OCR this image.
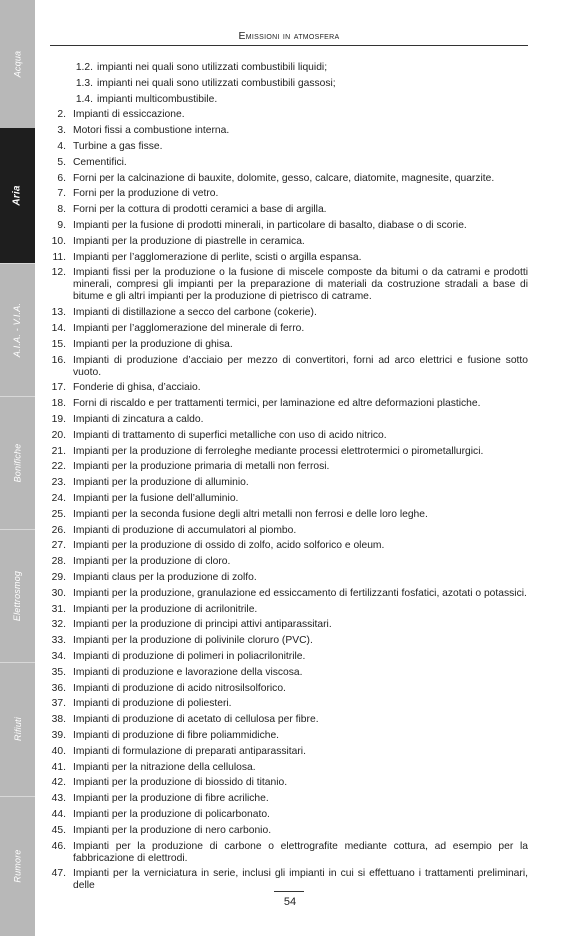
Acqua
Aria
A.I.A. - V.I.A.
Bonifiche
Elettrosmog
Rifiuti
Rumore
Emissioni in atmosfera
1.2. impianti nei quali sono utilizzati combustibili liquidi;
1.3. impianti nei quali sono utilizzati combustibili gassosi;
1.4. impianti multicombustibile.
2. Impianti di essiccazione.
3. Motori fissi a combustione interna.
4. Turbine a gas fisse.
5. Cementifici.
6. Forni per la calcinazione di bauxite, dolomite, gesso, calcare, diatomite, magnesite, quarzite.
7. Forni per la produzione di vetro.
8. Forni per la cottura di prodotti ceramici a base di argilla.
9. Impianti per la fusione di prodotti minerali, in particolare di basalto, diabase o di scorie.
10. Impianti per la produzione di piastrelle in ceramica.
11. Impianti per l’agglomerazione di perlite, scisti o argilla espansa.
12. Impianti fissi per la produzione o la fusione di miscele composte da bitumi o da catrami e prodotti minerali, compresi gli impianti per la preparazione di materiali da costruzione stradali a base di bitume e gli altri impianti per la produzione di pietrisco di catrame.
13. Impianti di distillazione a secco del carbone (cokerie).
14. Impianti per l’agglomerazione del minerale di ferro.
15. Impianti per la produzione di ghisa.
16. Impianti di produzione d’acciaio per mezzo di convertitori, forni ad arco elettrici e fusione sotto vuoto.
17. Fonderie di ghisa, d’acciaio.
18. Forni di riscaldo e per trattamenti termici, per laminazione ed altre deformazioni plastiche.
19. Impianti di zincatura a caldo.
20. Impianti di trattamento di superfici metalliche con uso di acido nitrico.
21. Impianti per la produzione di ferroleghe mediante processi elettrotermici o pirometallurgici.
22. Impianti per la produzione primaria di metalli non ferrosi.
23. Impianti per la produzione di alluminio.
24. Impianti per la fusione dell’alluminio.
25. Impianti per la seconda fusione degli altri metalli non ferrosi e delle loro leghe.
26. Impianti di produzione di accumulatori al piombo.
27. Impianti per la produzione di ossido di zolfo, acido solforico e oleum.
28. Impianti per la produzione di cloro.
29. Impianti claus per la produzione di zolfo.
30. Impianti per la produzione, granulazione ed essiccamento di fertilizzanti fosfatici, azotati o potassici.
31. Impianti per la produzione di acrilonitrile.
32. Impianti per la produzione di principi attivi antiparassitari.
33. Impianti per la produzione di polivinile cloruro (PVC).
34. Impianti di produzione di polimeri in poliacrilonitrile.
35. Impianti di produzione e lavorazione della viscosa.
36. Impianti di produzione di acido nitrosilsolforico.
37. Impianti di produzione di poliesteri.
38. Impianti di produzione di acetato di cellulosa per fibre.
39. Impianti di produzione di fibre poliammidiche.
40. Impianti di formulazione di preparati antiparassitari.
41. Impianti per la nitrazione della cellulosa.
42. Impianti per la produzione di biossido di titanio.
43. Impianti per la produzione di fibre acriliche.
44. Impianti per la produzione di policarbonato.
45. Impianti per la produzione di nero carbonio.
46. Impianti per la produzione di carbone o elettrografite mediante cottura, ad esempio per la fabbricazione di elettrodi.
47. Impianti per la verniciatura in serie, inclusi gli impianti in cui si effettuano i trattamenti preliminari, delle
54
